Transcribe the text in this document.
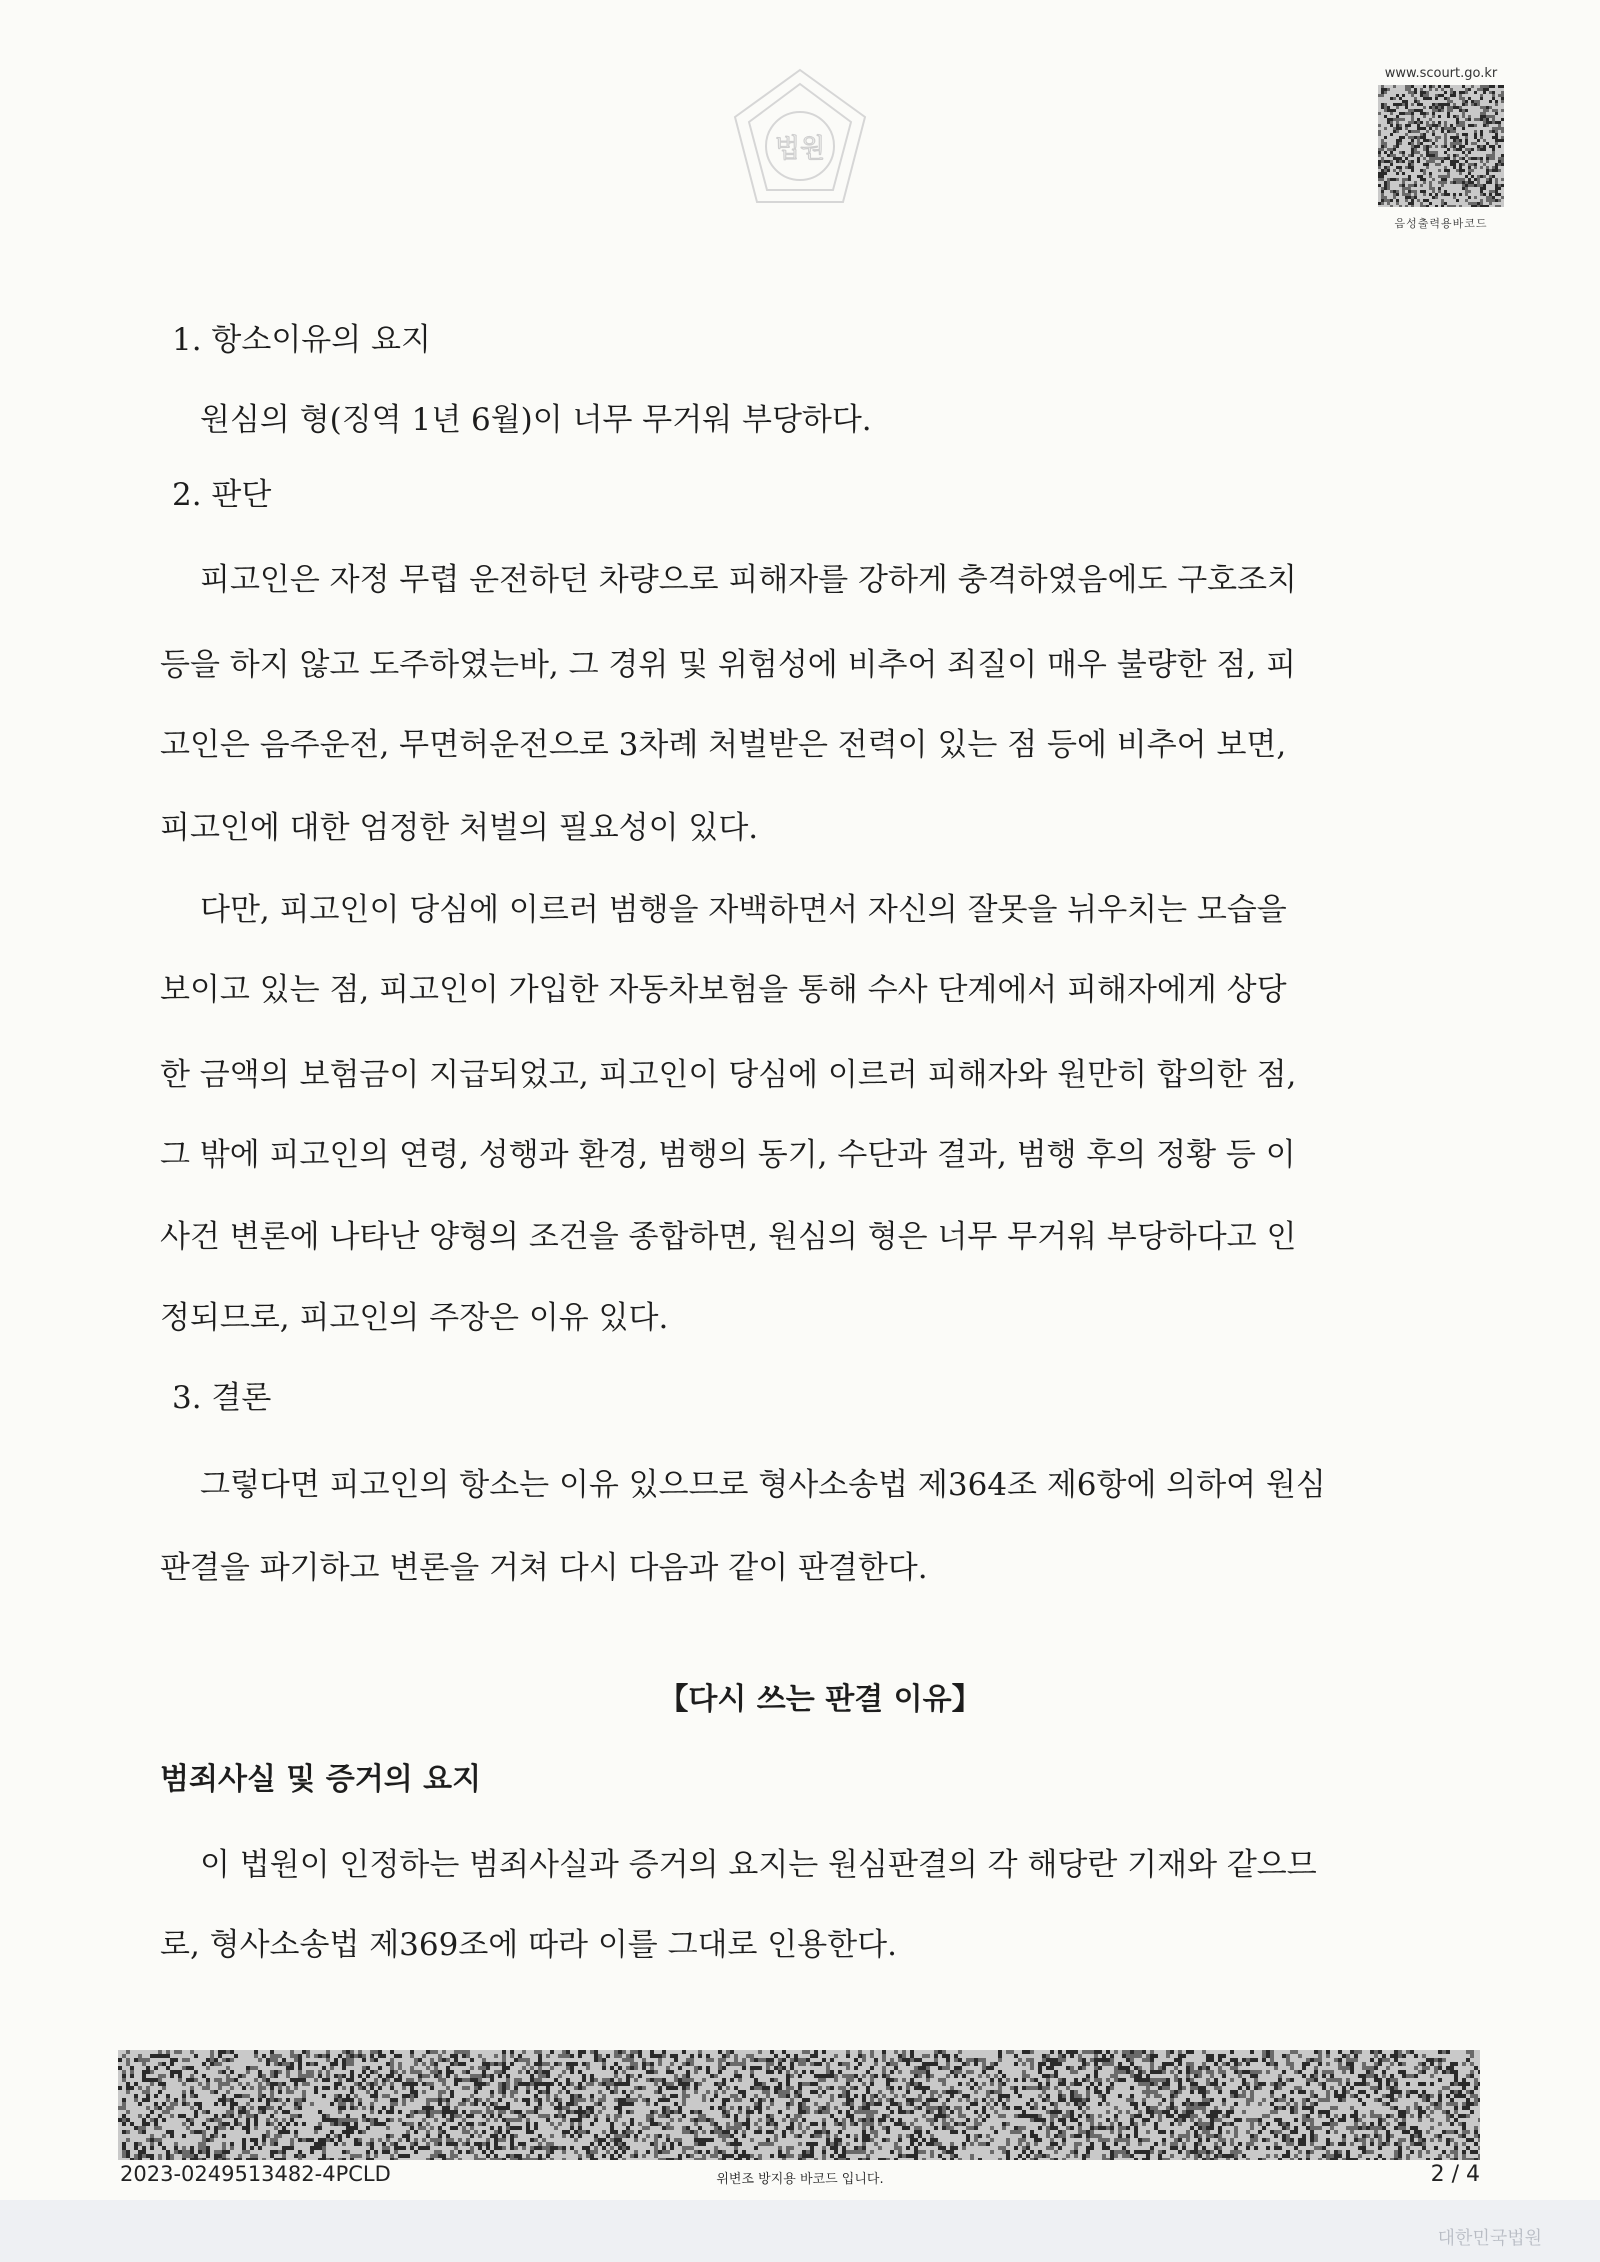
법원
www.scourt.go.kr
음성출력용바코드
1. 항소이유의 요지
원심의 형(징역 1년 6월)이 너무 무거워 부당하다.
2. 판단
피고인은 자정 무렵 운전하던 차량으로 피해자를 강하게 충격하였음에도 구호조치
등을 하지 않고 도주하였는바, 그 경위 및 위험성에 비추어 죄질이 매우 불량한 점, 피
고인은 음주운전, 무면허운전으로 3차례 처벌받은 전력이 있는 점 등에 비추어 보면,
피고인에 대한 엄정한 처벌의 필요성이 있다.
다만, 피고인이 당심에 이르러 범행을 자백하면서 자신의 잘못을 뉘우치는 모습을
보이고 있는 점, 피고인이 가입한 자동차보험을 통해 수사 단계에서 피해자에게 상당
한 금액의 보험금이 지급되었고, 피고인이 당심에 이르러 피해자와 원만히 합의한 점,
그 밖에 피고인의 연령, 성행과 환경, 범행의 동기, 수단과 결과, 범행 후의 정황 등 이
사건 변론에 나타난 양형의 조건을 종합하면, 원심의 형은 너무 무거워 부당하다고 인
정되므로, 피고인의 주장은 이유 있다.
3. 결론
그렇다면 피고인의 항소는 이유 있으므로 형사소송법 제364조 제6항에 의하여 원심
판결을 파기하고 변론을 거쳐 다시 다음과 같이 판결한다.
【다시 쓰는 판결 이유】
범죄사실 및 증거의 요지
이 법원이 인정하는 범죄사실과 증거의 요지는 원심판결의 각 해당란 기재와 같으므
로, 형사소송법 제369조에 따라 이를 그대로 인용한다.
2023-0249513482-4PCLD	위변조 방지용 바코드 입니다.	2 / 4
대한민국법원
